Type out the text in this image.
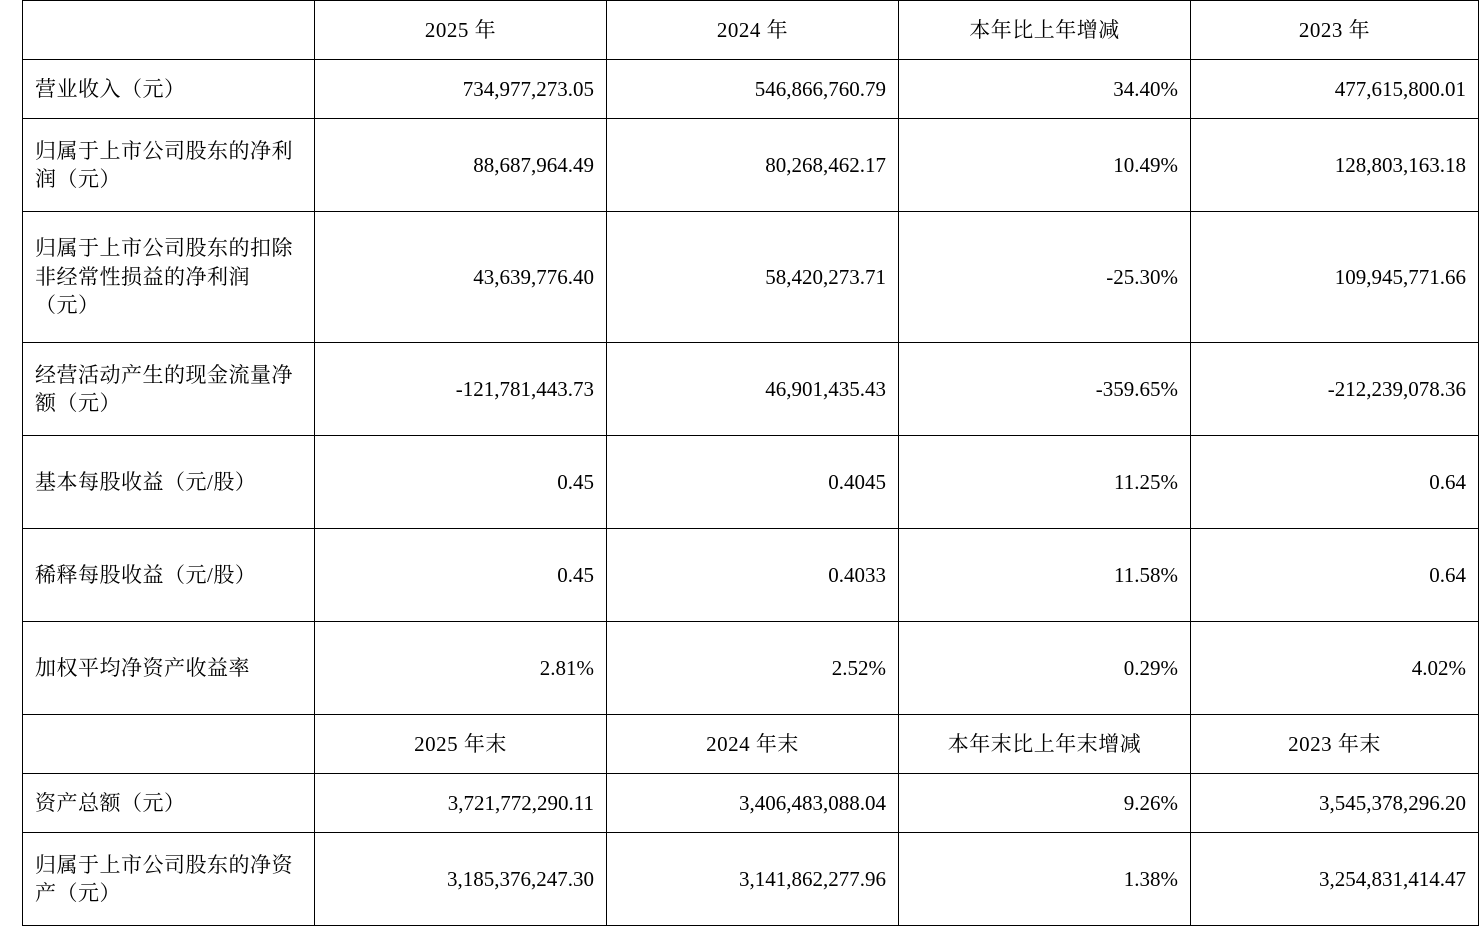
	2025 年	2024 年	本年比上年增减	2023 年
营业收入（元）	734,977,273.05	546,866,760.79	34.40%	477,615,800.01
归属于上市公司股东的净利润（元）	88,687,964.49	80,268,462.17	10.49%	128,803,163.18
归属于上市公司股东的扣除非经常性损益的净利润（元）	43,639,776.40	58,420,273.71	-25.30%	109,945,771.66
经营活动产生的现金流量净额（元）	-121,781,443.73	46,901,435.43	-359.65%	-212,239,078.36
基本每股收益（元/股）	0.45	0.4045	11.25%	0.64
稀释每股收益（元/股）	0.45	0.4033	11.58%	0.64
加权平均净资产收益率	2.81%	2.52%	0.29%	4.02%
	2025 年末	2024 年末	本年末比上年末增减	2023 年末
资产总额（元）	3,721,772,290.11	3,406,483,088.04	9.26%	3,545,378,296.20
归属于上市公司股东的净资产（元）	3,185,376,247.30	3,141,862,277.96	1.38%	3,254,831,414.47
